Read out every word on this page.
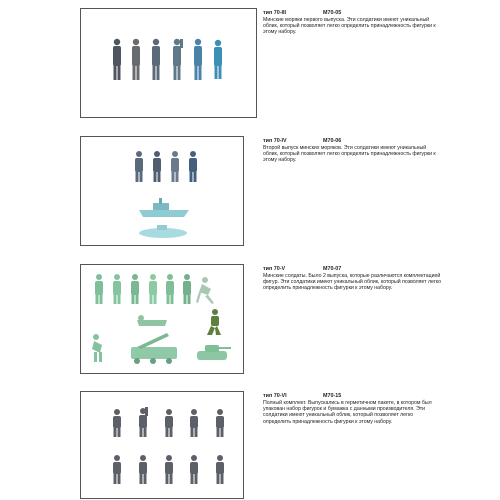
тип 70-III	M70-05
Минские моряки первого выпуска. Эти солдатики имеют уникальный облик, который позволяет легко определить принадлежность фигурки к этому набору.
тип 70-IV	M70-06
Второй выпуск минских моряков. Эти солдатики имеют уникальный облик, который позволяет легко определить принадлежность фигурки к этому набору.
тип 70-V	M70-07
Минские солдаты. Было 2 выпуска, которые различаются комплектацией фигур. Эти солдатики имеют уникальный облик, который позволяет легко определить принадлежность фигурки к этому набору.
тип 70-VI	M70-15
Полный комплект. Выпускались в герметичном пакете, в котором был упакован набор фигурок и бумажка с данными производителя. Эти солдатики имеют уникальный облик, который позволяет легко определить принадлежность фигурки к этому набору.
